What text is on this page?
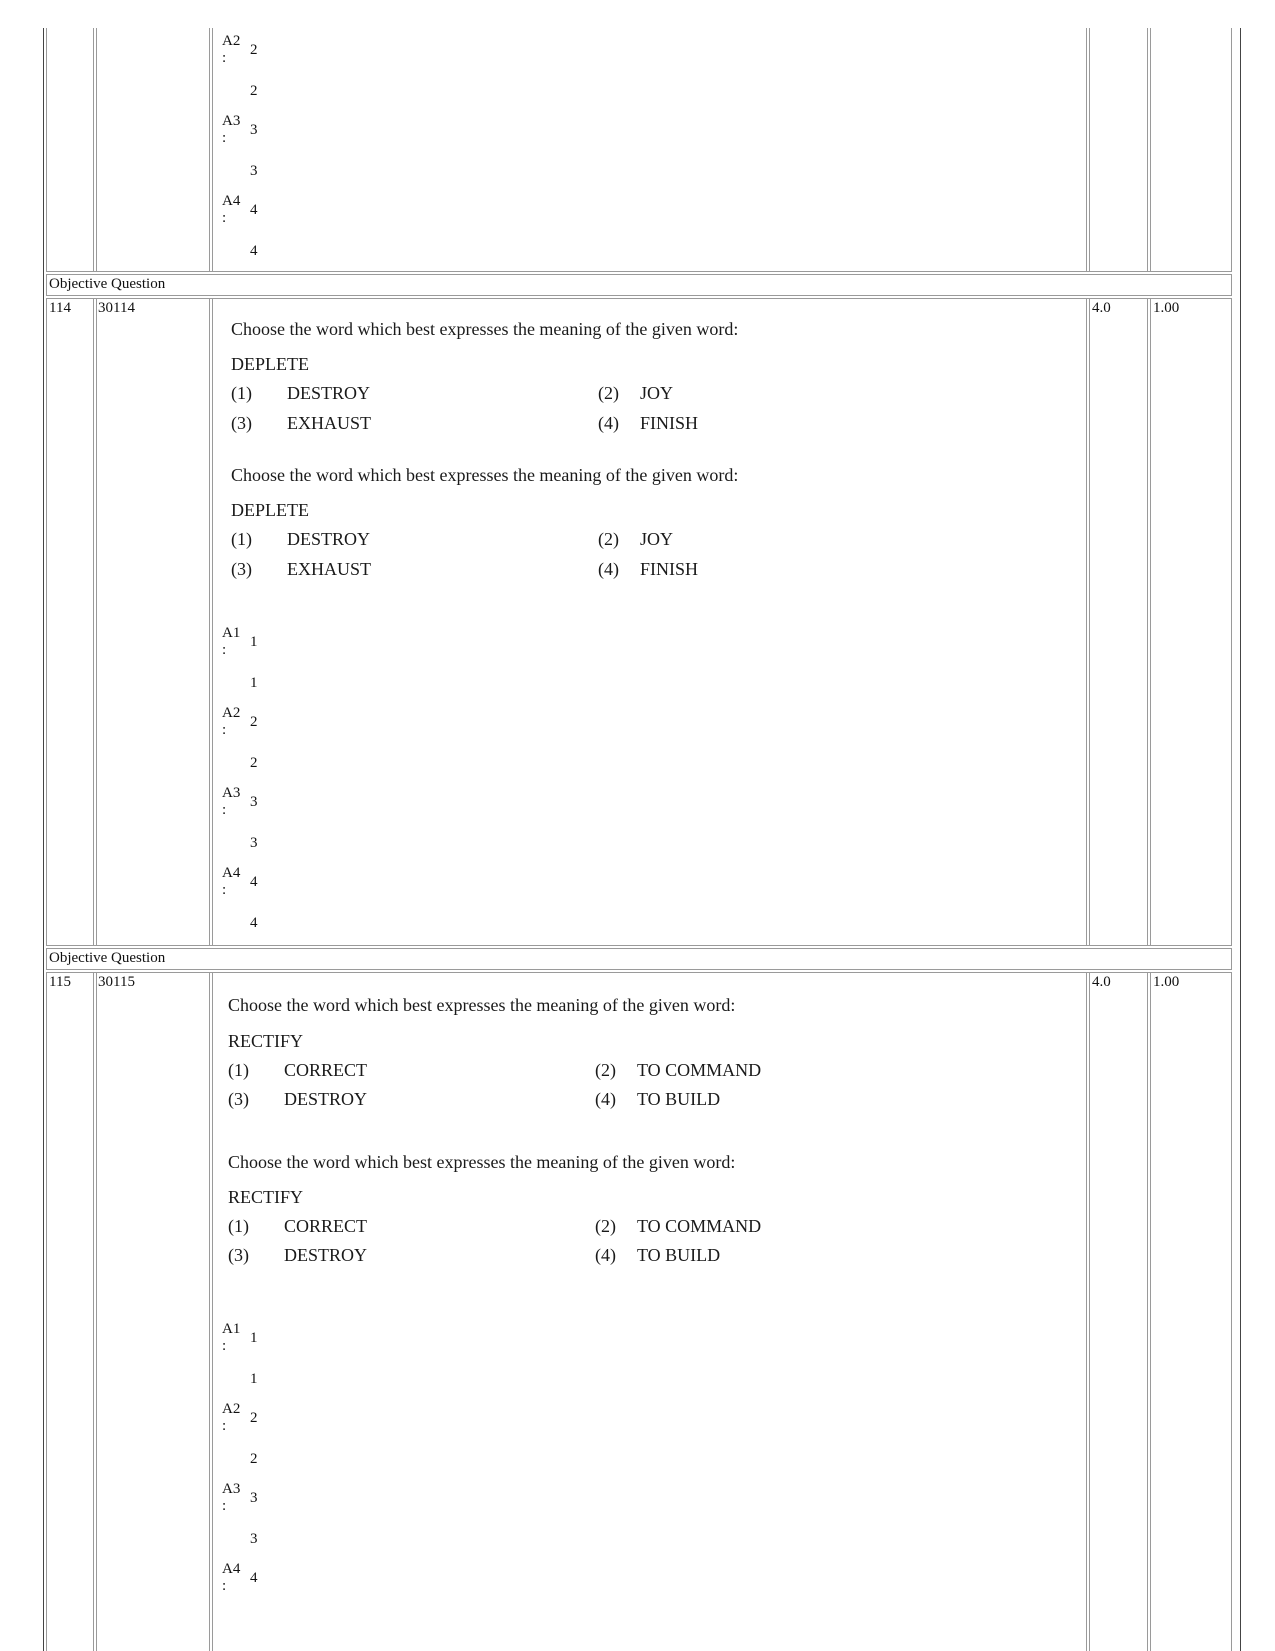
A2
: 2
2
A3
: 3
3
A4
: 4
4
Objective Question
114 30114	4.0	1.00
Choose the word which best expresses the meaning of the given word:
DEPLETE
(1) DESTROY	(2) JOY
(3) EXHAUST	(4) FINISH
Choose the word which best expresses the meaning of the given word:
DEPLETE
(1) DESTROY	(2) JOY
(3) EXHAUST	(4) FINISH
A1
: 1
1
A2
: 2
2
A3
: 3
3
A4
: 4
4
Objective Question
115 30115	4.0	1.00
Choose the word which best expresses the meaning of the given word:
RECTIFY
(1) CORRECT	(2) TO COMMAND
(3) DESTROY	(4) TO BUILD
Choose the word which best expresses the meaning of the given word:
RECTIFY
(1) CORRECT	(2) TO COMMAND
(3) DESTROY	(4) TO BUILD
A1
: 1
1
A2
: 2
2
A3
: 3
3
A4
: 4
